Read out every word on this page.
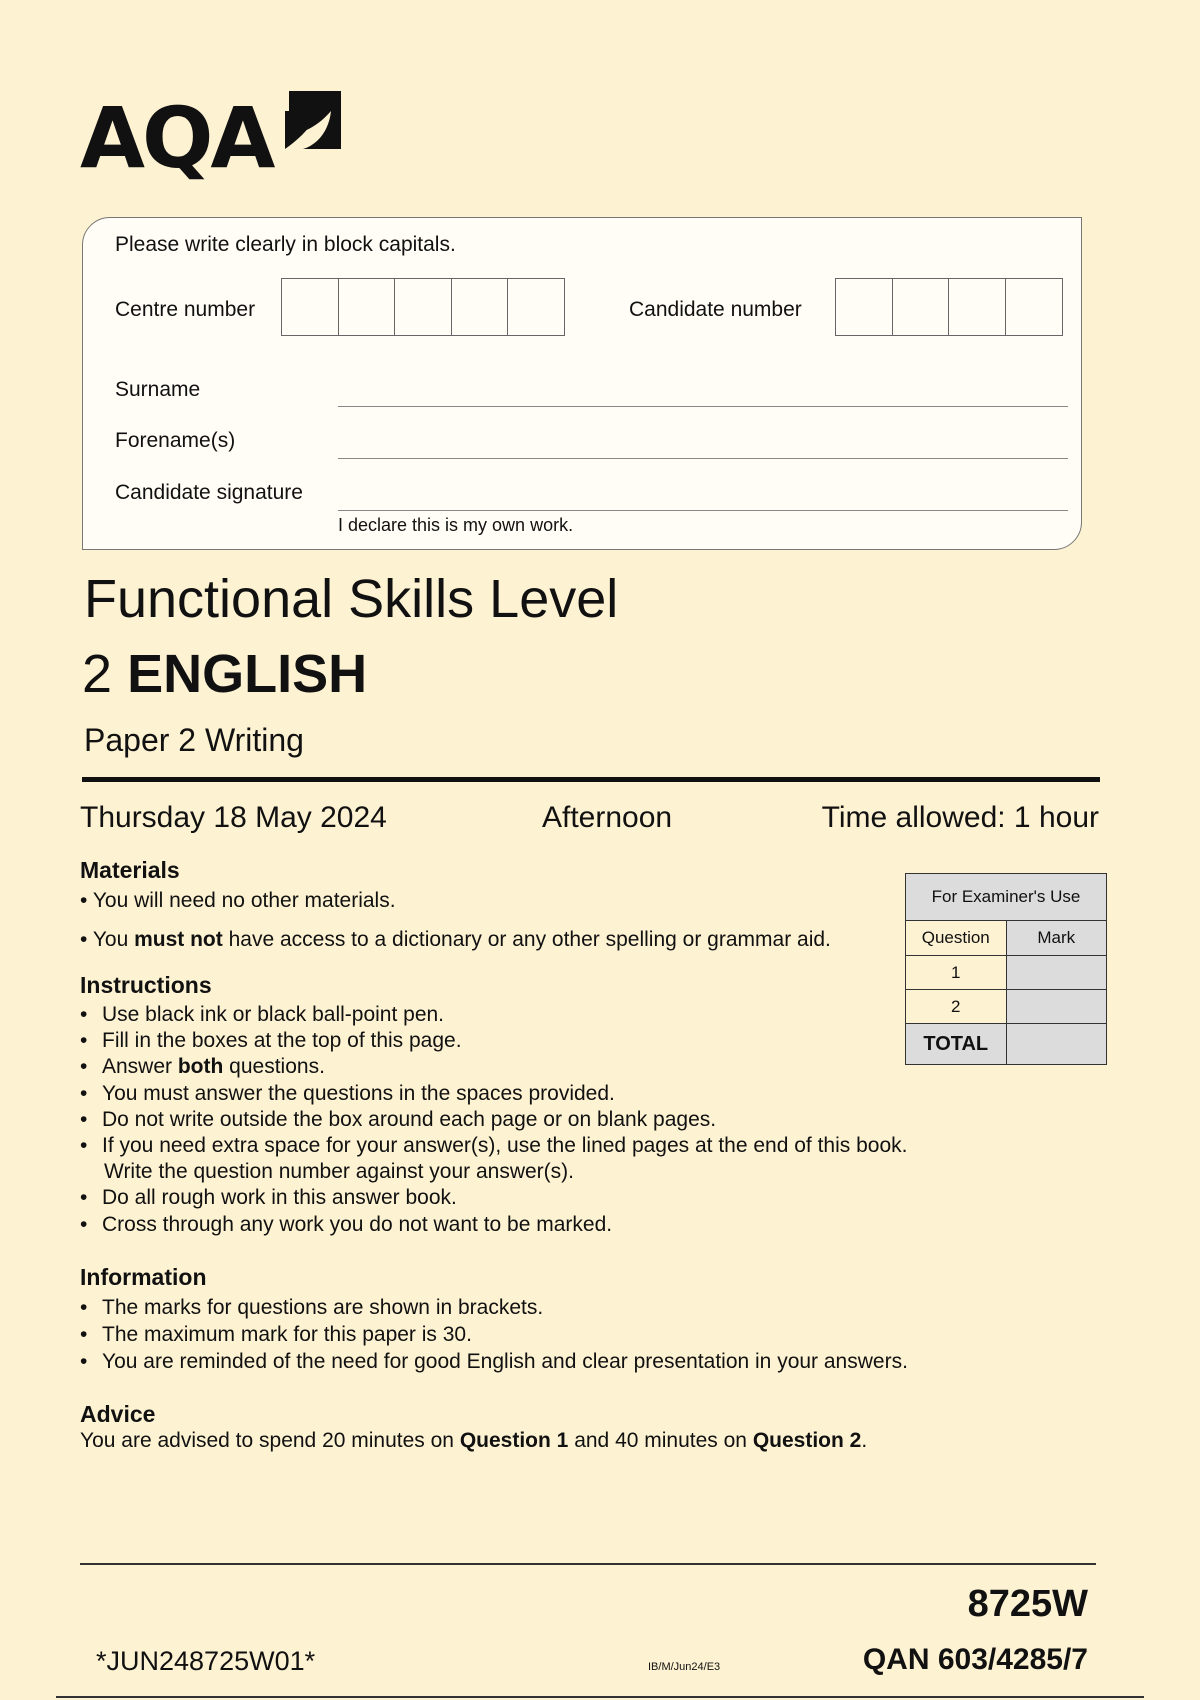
AQA
Please write clearly in block capitals.
Centre number	Candidate number
Surname
Forename(s)
Candidate signature
I declare this is my own work.
Functional Skills Level
2 ENGLISH
Paper 2 Writing
Thursday 18 May 2024	Afternoon	Time allowed: 1 hour
Materials
• You will need no other materials.
• You must not have access to a dictionary or any other spelling or grammar aid.
For Examiner's Use	
Question	Mark
1	
2	
TOTAL	
Instructions
• Use black ink or black ball-point pen.
• Fill in the boxes at the top of this page.
• Answer both questions.
• You must answer the questions in the spaces provided.
• Do not write outside the box around each page or on blank pages.
• If you need extra space for your answer(s), use the lined pages at the end of this book.
Write the question number against your answer(s).
• Do all rough work in this answer book.
• Cross through any work you do not want to be marked.
Information
• The marks for questions are shown in brackets.
• The maximum mark for this paper is 30.
• You are reminded of the need for good English and clear presentation in your answers.
Advice
You are advised to spend 20 minutes on Question 1 and 40 minutes on Question 2.
8725W
*JUN248725W01*	IB/M/Jun24/E3	QAN 603/4285/7
